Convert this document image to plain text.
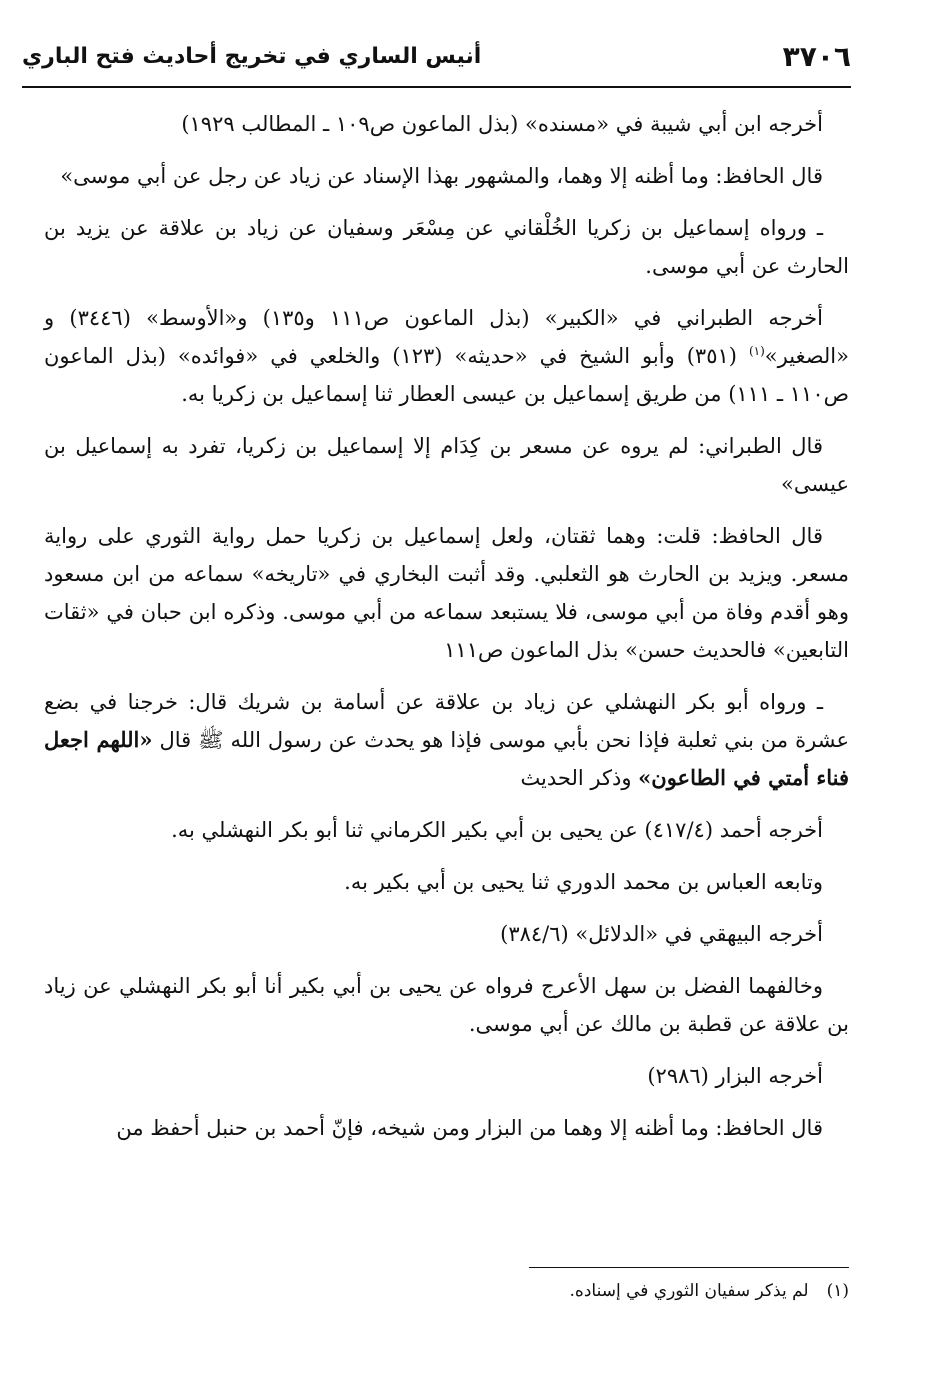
٣٧٠٦
أنيس الساري في تخريج أحاديث فتح الباري

أخرجه ابن أبي شيبة في «مسنده» (بذل الماعون ص١٠٩ ـ المطالب ١٩٢٩)

قال الحافظ: وما أظنه إلا وهما، والمشهور بهذا الإسناد عن زياد عن رجل عن أبي موسى»

ـ ورواه إسماعيل بن زكريا الخُلْقاني عن مِسْعَر وسفيان عن زياد بن علاقة عن يزيد بن الحارث عن أبي موسى.

أخرجه الطبراني في «الكبير» (بذل الماعون ص١١١ و١٣٥) و«الأوسط» (٣٤٤٦) و «الصغير»$^{(١)}$ (٣٥١) وأبو الشيخ في «حديثه» (١٢٣) والخلعي في «فوائده» (بذل الماعون ص١١٠ ـ ١١١) من طريق إسماعيل بن عيسى العطار ثنا إسماعيل بن زكريا به.

قال الطبراني: لم يروه عن مسعر بن كِدَام إلا إسماعيل بن زكريا، تفرد به إسماعيل بن عيسى»

قال الحافظ: قلت: وهما ثقتان، ولعل إسماعيل بن زكريا حمل رواية الثوري على رواية مسعر. ويزيد بن الحارث هو الثعلبي. وقد أثبت البخاري في «تاريخه» سماعه من ابن مسعود وهو أقدم وفاة من أبي موسى، فلا يستبعد سماعه من أبي موسى. وذكره ابن حبان في «ثقات التابعين» فالحديث حسن» بذل الماعون ص١١١

ـ ورواه أبو بكر النهشلي عن زياد بن علاقة عن أسامة بن شريك قال: خرجنا في بضع عشرة من بني ثعلبة فإذا نحن بأبي موسى فإذا هو يحدث عن رسول الله ﷺ قال «اللهم اجعل فناء أمتي في الطاعون» وذكر الحديث

أخرجه أحمد (٤١٧/٤) عن يحيى بن أبي بكير الكرماني ثنا أبو بكر النهشلي به.

وتابعه العباس بن محمد الدوري ثنا يحيى بن أبي بكير به.

أخرجه البيهقي في «الدلائل» (٣٨٤/٦)

وخالفهما الفضل بن سهل الأعرج فرواه عن يحيى بن أبي بكير أنا أبو بكر النهشلي عن زياد بن علاقة عن قطبة بن مالك عن أبي موسى.

أخرجه البزار (٢٩٨٦)

قال الحافظ: وما أظنه إلا وهما من البزار ومن شيخه، فإنّ أحمد بن حنبل أحفظ من

(١)لم يذكر سفيان الثوري في إسناده.
